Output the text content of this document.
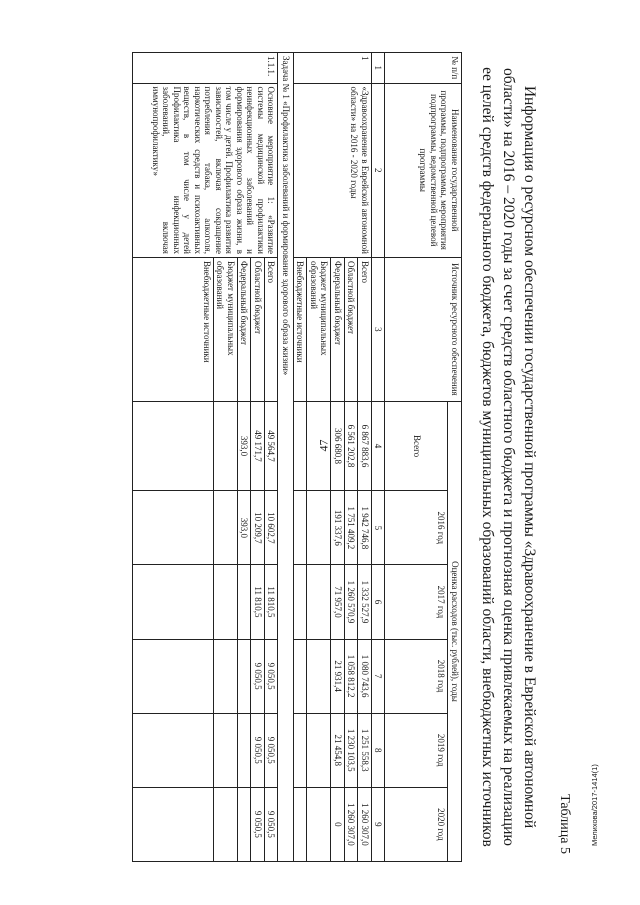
47
Мелихова/2017-1414(1)
Таблица 5
Информация о ресурсном обеспечении государственной программы «Здравоохранение в Еврейской автономной области» на 2016 – 2020 годы за счет средств областного бюджета и прогнозная оценка привлекаемых на реализацию ее целей средств федерального бюджета, бюджетов муниципальных образований области, внебюджетных источников
№ п/п	Наименование государственной программы, подпрограммы, мероприятия подпрограммы, ведомственной целевой программы	Источник ресурсного обеспечения	Оценка расходов (тыс. рублей), годы					
			Всего	2016 год	2017 год	2018 год	2019 год	2020 год
1	2	3	4	5	6	7	8	9
1	«Здравоохранение в Еврейской автономной области» на 2016 - 2020 годы	Всего	6 867 883,6	1 942 746,8	1 332 527,9	1 080 743,6	1 251 558,3	1 260 307,0
		Областной бюджет	6 561 202,8	1 751 409,2	1 260 570,9	1 058 812,2	1 230 103,5	1 260 307,0
		Федеральный бюджет	306 680,8	191 337,6	71 957,0	21 931,4	21 454,8	0
		Бюджет муниципальных образований						
		Внебюджетные источники						
Задача № 1 «Профилактика заболеваний и формирование здорового образа жизни»								
1.1.1.	Основное мероприятие 1: «Развитие системы медицинской профилактики неинфекционных заболеваний и формирования здорового образа жизни, в том числе у детей. Профилактика развития зависимостей, включая сокращение потребления табака, алкоголя, наркотических средств и психоактивных веществ, в том числе у детей Профилактика инфекционных заболеваний, включая иммунопрофилактику»	Всего	49 564,7	10 602,7	11 810,5	9 050,5	9 050,5	9 050,5
		Областной бюджет	49 171,7	10 209,7	11 810,5	9 050,5	9 050,5	9 050,5
		Федеральный бюджет	393,0	393,0				
		Бюджет муниципальных образований						
		Внебюджетные источники						
